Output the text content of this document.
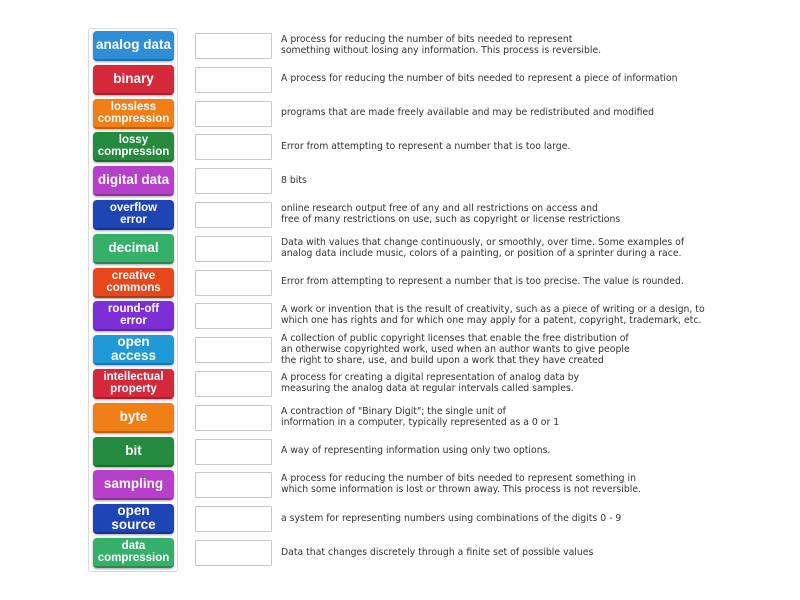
analog data
binary
lossless compression
lossy compression
digital data
overflow error
decimal
creative commons
round-off error
open access
intellectual property
byte
bit
sampling
open source
data compression
A process for reducing the number of bits needed to represent
something without losing any information. This process is reversible.
A process for reducing the number of bits needed to represent a piece of information
programs that are made freely available and may be redistributed and modified
Error from attempting to represent a number that is too large.
8 bits
online research output free of any and all restrictions on access and
free of many restrictions on use, such as copyright or license restrictions
Data with values that change continuously, or smoothly, over time. Some examples of
analog data include music, colors of a painting, or position of a sprinter during a race.
Error from attempting to represent a number that is too precise. The value is rounded.
A work or invention that is the result of creativity, such as a piece of writing or a design, to
which one has rights and for which one may apply for a patent, copyright, trademark, etc.
A collection of public copyright licenses that enable the free distribution of
an otherwise copyrighted work, used when an author wants to give people
the right to share, use, and build upon a work that they have created
A process for creating a digital representation of analog data by
measuring the analog data at regular intervals called samples.
A contraction of "Binary Digit"; the single unit of
information in a computer, typically represented as a 0 or 1
A way of representing information using only two options.
A process for reducing the number of bits needed to represent something in
which some information is lost or thrown away. This process is not reversible.
a system for representing numbers using combinations of the digits 0 - 9
Data that changes discretely through a finite set of possible values
